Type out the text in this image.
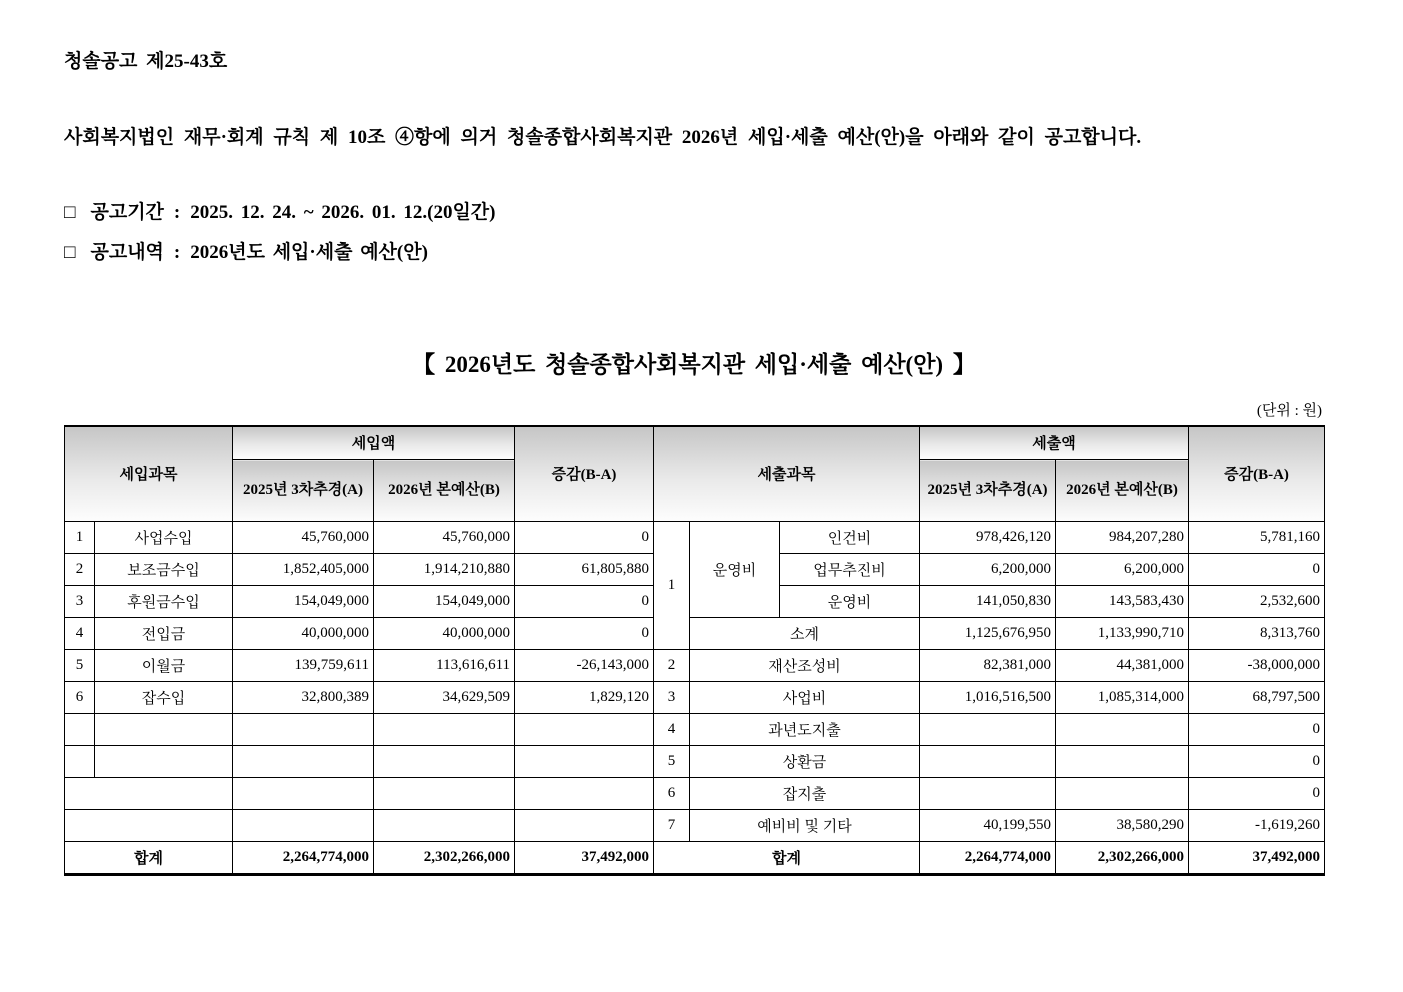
청솔공고 제25-43호

사회복지법인 재무·회계 규칙 제 10조 ④항에 의거 청솔종합사회복지관 2026년 세입·세출 예산(안)을 아래와 같이 공고합니다.

□ 공고기간 : 2025. 12. 24. ~ 2026. 01. 12.(20일간)

□ 공고내역 : 2026년도 세입·세출 예산(안)

【 2026년도 청솔종합사회복지관 세입·세출 예산(안) 】
(단위 : 원)
세입과목		세입액		증감(B-A)	세출과목			세출액		증감(B-A)
		2025년 3차추경(A)	2026년 본예산(B)					2025년 3차추경(A)	2026년 본예산(B)	
1	사업수입	45,760,000	45,760,000	0	1	운영비	인건비	978,426,120	984,207,280	5,781,160
2	보조금수입	1,852,405,000	1,914,210,880	61,805,880			업무추진비	6,200,000	6,200,000	0
3	후원금수입	154,049,000	154,049,000	0			운영비	141,050,830	143,583,430	2,532,600
4	전입금	40,000,000	40,000,000	0		소계		1,125,676,950	1,133,990,710	8,313,760
5	이월금	139,759,611	113,616,611	-26,143,000	2	재산조성비		82,381,000	44,381,000	-38,000,000
6	잡수입	32,800,389	34,629,509	1,829,120	3	사업비		1,016,516,500	1,085,314,000	68,797,500
					4	과년도지출				0
					5	상환금				0
					6	잡지출				0
					7	예비비 및 기타		40,199,550	38,580,290	-1,619,260
합계		2,264,774,000	2,302,266,000	37,492,000	합계			2,264,774,000	2,302,266,000	37,492,000
